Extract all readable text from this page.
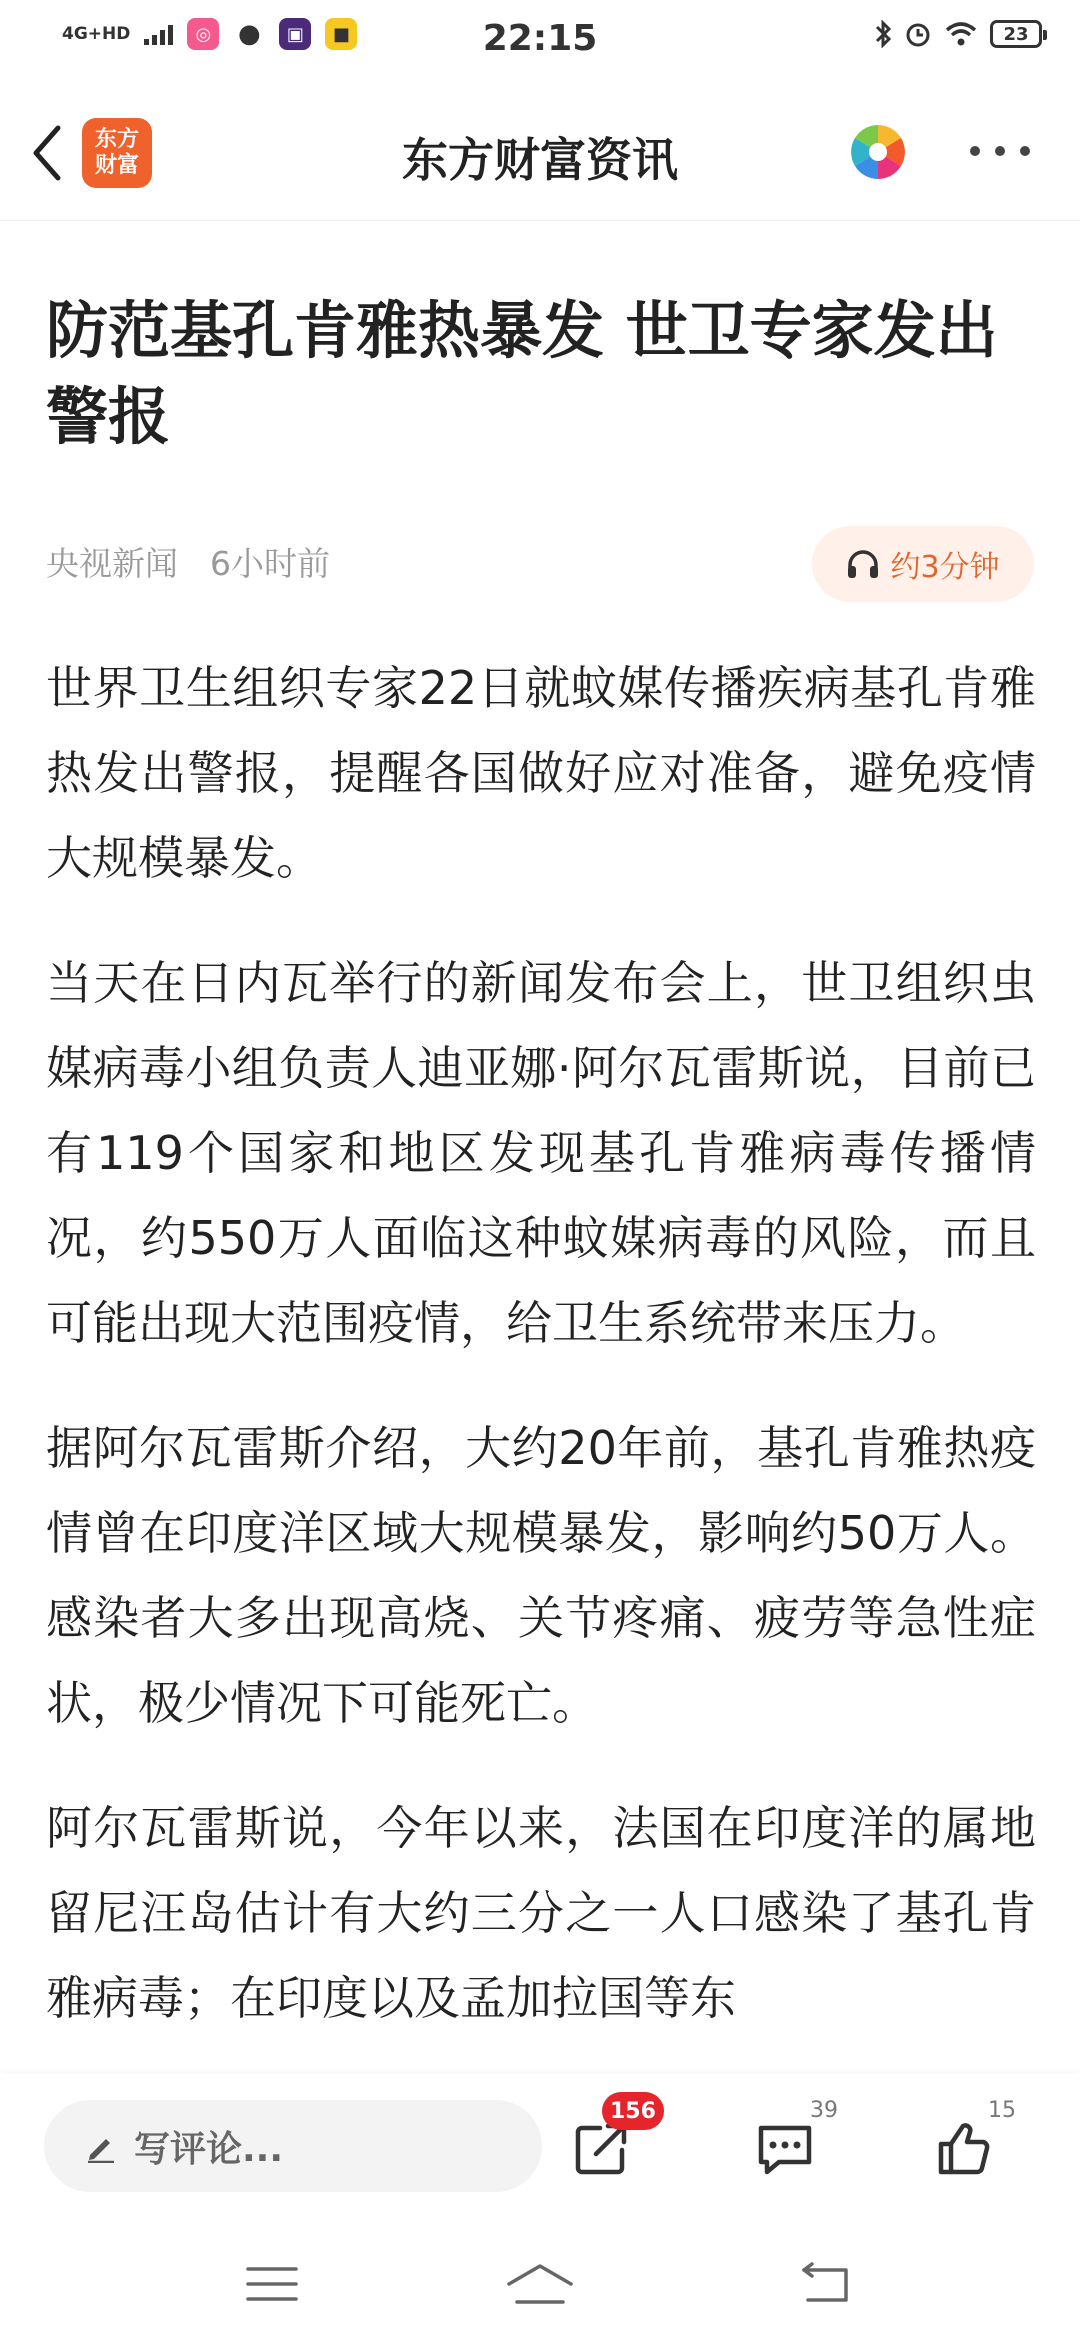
4G+HD	◎	●	▣	■	22:15	23
东方财富	东方财富资讯
防范基孔肯雅热暴发 世卫专家发出警报
央视新闻 6小时前	约3分钟

世界卫生组织专家22日就蚊媒传播疾病基孔肯雅热发出警报，提醒各国做好应对准备，避免疫情大规模暴发。

当天在日内瓦举行的新闻发布会上，世卫组织虫媒病毒小组负责人迪亚娜·阿尔瓦雷斯说，目前已有119个国家和地区发现基孔肯雅病毒传播情况，约550万人面临这种蚊媒病毒的风险，而且可能出现大范围疫情，给卫生系统带来压力。

据阿尔瓦雷斯介绍，大约20年前，基孔肯雅热疫情曾在印度洋区域大规模暴发，影响约50万人。感染者大多出现高烧、关节疼痛、疲劳等急性症状，极少情况下可能死亡。

阿尔瓦雷斯说，今年以来，法国在印度洋的属地留尼汪岛估计有大约三分之一人口感染了基孔肯雅病毒；在印度以及孟加拉国等东

写评论...
156	39	15
